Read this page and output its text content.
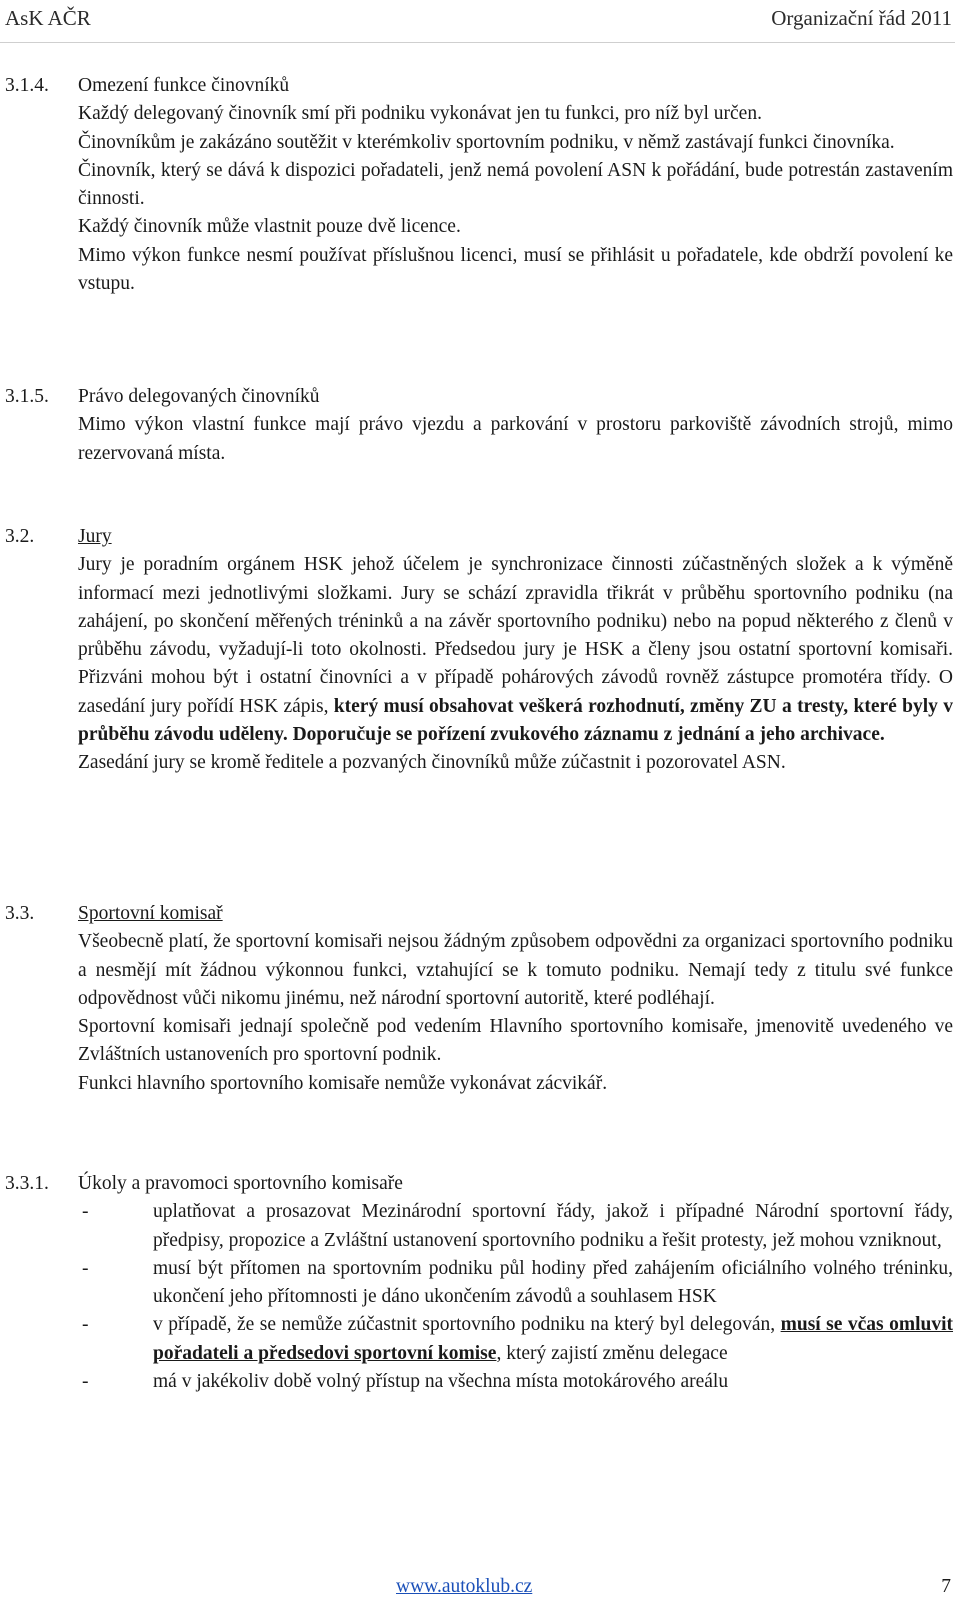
AsK AČR	Organizační řád 2011
3.1.4. Omezení funkce činovníků

Každý delegovaný činovník smí při podniku vykonávat jen tu funkci, pro níž byl určen.

Činovníkům je zakázáno soutěžit v kterémkoliv sportovním podniku, v němž zastávají funkci činovníka.

Činovník, který se dává k dispozici pořadateli, jenž nemá povolení ASN k pořádání, bude potrestán zastavením činnosti.

Každý činovník může vlastnit pouze dvě licence.

Mimo výkon funkce nesmí používat příslušnou licenci, musí se přihlásit u pořadatele, kde obdrží povolení ke vstupu.

3.1.5. Právo delegovaných činovníků

Mimo výkon vlastní funkce mají právo vjezdu a parkování v prostoru parkoviště závodních strojů, mimo rezervovaná místa.

3.2. Jury

Jury je poradním orgánem HSK jehož účelem je synchronizace činnosti zúčastněných složek a k výměně informací mezi jednotlivými složkami. Jury se schází zpravidla třikrát v průběhu sportovního podniku (na zahájení, po skončení měřených tréninků a na závěr sportovního podniku) nebo na popud některého z členů v průběhu závodu, vyžadují-li toto okolnosti. Předsedou jury je HSK a členy jsou ostatní sportovní komisaři. Přizváni mohou být i ostatní činovníci a v případě pohárových závodů rovněž zástupce promotéra třídy. O zasedání jury pořídí HSK zápis, který musí obsahovat veškerá rozhodnutí, změny ZU a tresty, které byly v průběhu závodu uděleny. Doporučuje se pořízení zvukového záznamu z jednání a jeho archivace.

Zasedání jury se kromě ředitele a pozvaných činovníků může zúčastnit i pozorovatel ASN.

3.3. Sportovní komisař

Všeobecně platí, že sportovní komisaři nejsou žádným způsobem odpovědni za organizaci sportovního podniku a nesmějí mít žádnou výkonnou funkci, vztahující se k tomuto podniku. Nemají tedy z titulu své funkce odpovědnost vůči nikomu jinému, než národní sportovní autoritě, které podléhají.

Sportovní komisaři jednají společně pod vedením Hlavního sportovního komisaře, jmenovitě uvedeného ve Zvláštních ustanoveních pro sportovní podnik.

Funkci hlavního sportovního komisaře nemůže vykonávat zácvikář.

3.3.1. Úkoly a pravomoci sportovního komisaře

-	uplatňovat a prosazovat Mezinárodní sportovní řády, jakož i případné Národní sportovní řády, předpisy, propozice a Zvláštní ustanovení sportovního podniku a řešit protesty, jež mohou vzniknout,
-	musí být přítomen na sportovním podniku půl hodiny před zahájením oficiálního volného tréninku, ukončení jeho přítomnosti je dáno ukončením závodů a souhlasem HSK
-	v případě, že se nemůže zúčastnit sportovního podniku na který byl delegován, musí se včas omluvit pořadateli a předsedovi sportovní komise, který zajistí změnu delegace
-	má v jakékoliv době volný přístup na všechna místa motokárového areálu
www.autoklub.cz	7
